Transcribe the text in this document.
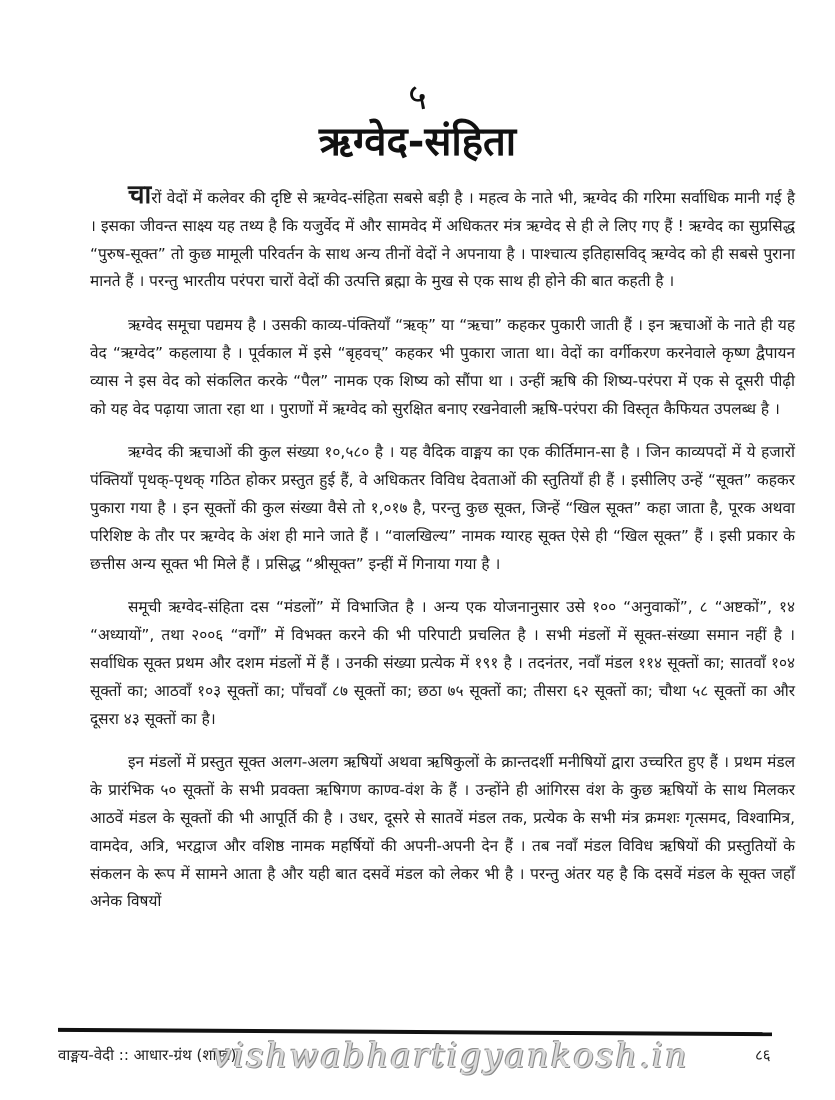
५
ऋग्वेद-संहिता

चारों वेदों में कलेवर की दृष्टि से ऋग्वेद-संहिता सबसे बड़ी है । महत्व के नाते भी, ऋग्वेद की गरिमा सर्वाधिक मानी गई है । इसका जीवन्त साक्ष्य यह तथ्य है कि यजुर्वेद में और सामवेद में अधिकतर मंत्र ऋग्वेद से ही ले लिए गए हैं ! ऋग्वेद का सुप्रसिद्ध “पुरुष-सूक्त” तो कुछ मामूली परिवर्तन के साथ अन्य तीनों वेदों ने अपनाया है । पाश्चात्य इतिहासविद् ऋग्वेद को ही सबसे पुराना मानते हैं । परन्तु भारतीय परंपरा चारों वेदों की उत्पत्ति ब्रह्मा के मुख से एक साथ ही होने की बात कहती है ।

ऋग्वेद समूचा पद्यमय है । उसकी काव्य-पंक्तियाँ “ऋक्” या “ऋचा” कहकर पुकारी जाती हैं । इन ऋचाओं के नाते ही यह वेद “ऋग्वेद” कहलाया है । पूर्वकाल में इसे “बृहवच्” कहकर भी पुकारा जाता था। वेदों का वर्गीकरण करनेवाले कृष्ण द्वैपायन व्यास ने इस वेद को संकलित करके “पैल” नामक एक शिष्य को सौंपा था । उन्हीं ऋषि की शिष्य-परंपरा में एक से दूसरी पीढ़ी को यह वेद पढ़ाया जाता रहा था । पुराणों में ऋग्वेद को सुरक्षित बनाए रखनेवाली ऋषि-परंपरा की विस्तृत कैफियत उपलब्ध है ।

ऋग्वेद की ऋचाओं की कुल संख्या १०,५८० है । यह वैदिक वाङ्मय का एक कीर्तिमान-सा है । जिन काव्यपदों में ये हजारों पंक्तियाँ पृथक्-पृथक् गठित होकर प्रस्तुत हुई हैं, वे अधिकतर विविध देवताओं की स्तुतियाँ ही हैं । इसीलिए उन्हें “सूक्त” कहकर पुकारा गया है । इन सूक्तों की कुल संख्या वैसे तो १,०१७ है, परन्तु कुछ सूक्त, जिन्हें “खिल सूक्त” कहा जाता है, पूरक अथवा परिशिष्ट के तौर पर ऋग्वेद के अंश ही माने जाते हैं । “वालखिल्य” नामक ग्यारह सूक्त ऐसे ही “खिल सूक्त” हैं । इसी प्रकार के छत्तीस अन्य सूक्त भी मिले हैं । प्रसिद्ध “श्रीसूक्त” इन्हीं में गिनाया गया है ।

समूची ऋग्वेद-संहिता दस “मंडलों” में विभाजित है । अन्य एक योजनानुसार उसे १०० “अनुवाकों”, ८ “अष्टकों”, १४ “अध्यायों”, तथा २००६ “वर्गों” में विभक्त करने की भी परिपाटी प्रचलित है । सभी मंडलों में सूक्त-संख्या समान नहीं है । सर्वाधिक सूक्त प्रथम और दशम मंडलों में हैं । उनकी संख्या प्रत्येक में १९१ है । तदनंतर, नवाँ मंडल ११४ सूक्तों का; सातवाँ १०४ सूक्तों का; आठवाँ १०३ सूक्तों का; पाँचवाँ ८७ सूक्तों का; छठा ७५ सूक्तों का; तीसरा ६२ सूक्तों का; चौथा ५८ सूक्तों का और दूसरा ४३ सूक्तों का है।

इन मंडलों में प्रस्तुत सूक्त अलग-अलग ऋषियों अथवा ऋषिकुलों के क्रान्तदर्शी मनीषियों द्वारा उच्चरित हुए हैं । प्रथम मंडल के प्रारंभिक ५० सूक्तों के सभी प्रवक्ता ऋषिगण काण्व-वंश के हैं । उन्होंने ही आंगिरस वंश के कुछ ऋषियों के साथ मिलकर आठवें मंडल के सूक्तों की भी आपूर्ति की है । उधर, दूसरे से सातवें मंडल तक, प्रत्येक के सभी मंत्र क्रमशः गृत्समद, विश्वामित्र, वामदेव, अत्रि, भरद्वाज और वशिष्ठ नामक महर्षियों की अपनी-अपनी देन हैं । तब नवाँ मंडल विविध ऋषियों की प्रस्तुतियों के संकलन के रूप में सामने आता है और यही बात दसवें मंडल को लेकर भी है । परन्तु अंतर यह है कि दसवें मंडल के सूक्त जहाँ अनेक विषयों

वाङ्मय-वेदी :: आधार-ग्रंथ (शास्त्र)	८६
vishwabhartigyankosh.in
